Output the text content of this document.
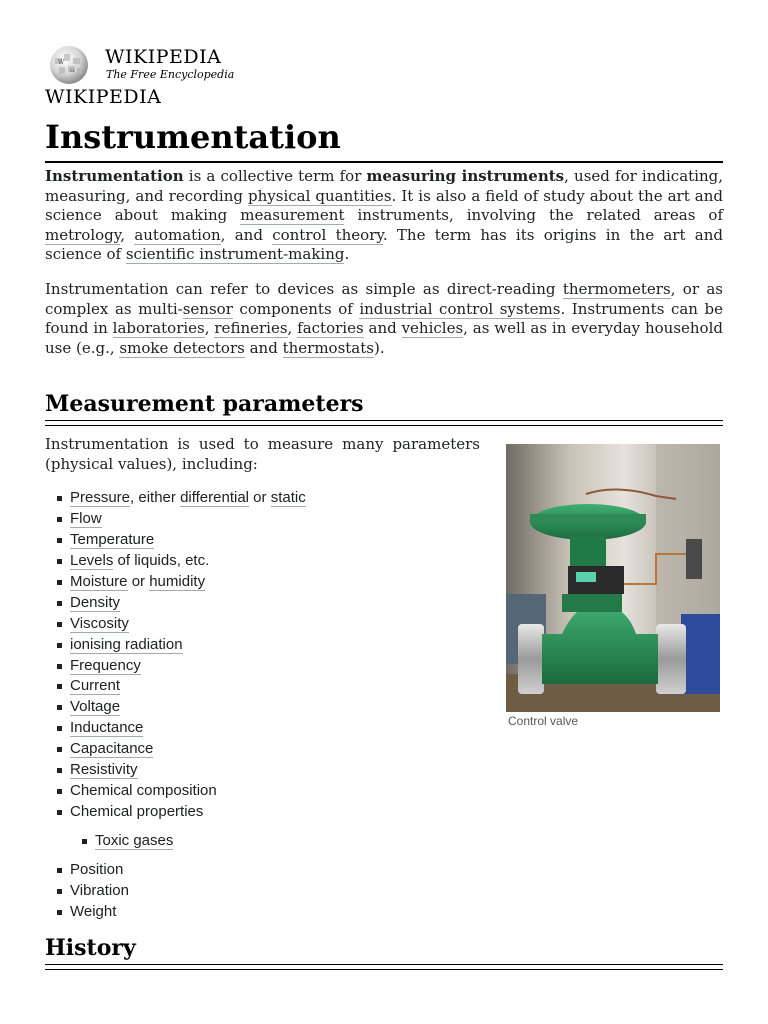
W
Ω
WIKIPEDIA
The Free Encyclopedia
WIKIPEDIA
Instrumentation

Instrumentation is a collective term for measuring instruments, used for indicating, measuring, and recording physical quantities. It is also a field of study about the art and science about making measurement instruments, involving the related areas of metrology, automation, and control theory. The term has its origins in the art and science of scientific instrument-making.

Instrumentation can refer to devices as simple as direct-reading thermometers, or as complex as multi-sensor components of industrial control systems. Instruments can be found in laboratories, refineries, factories and vehicles, as well as in everyday household use (e.g., smoke detectors and thermostats).

Measurement parameters

Instrumentation is used to measure many parameters (physical values), including:

Pressure, either differential or static
Flow
Temperature
Levels of liquids, etc.
Moisture or humidity
Density
Viscosity
ionising radiation
Frequency
Current
Voltage
Inductance
Capacitance
Resistivity
Chemical composition
Chemical properties
Toxic gases
Position
Vibration
Weight
Control valve
History
